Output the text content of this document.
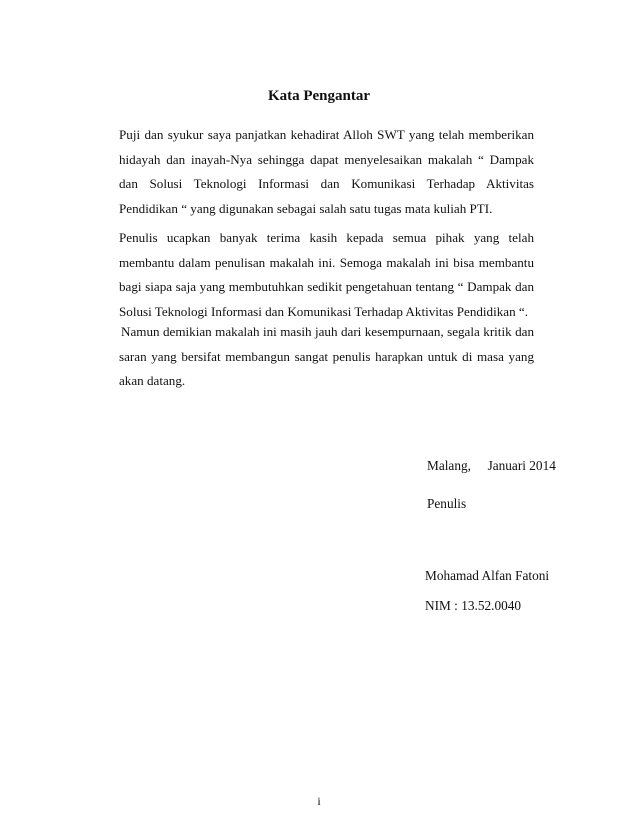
Kata Pengantar

Puji dan syukur saya panjatkan kehadirat Alloh SWT yang telah memberikan hidayah dan inayah-Nya sehingga dapat menyelesaikan makalah “ Dampak dan Solusi Teknologi Informasi dan Komunikasi Terhadap Aktivitas Pendidikan “ yang digunakan sebagai salah satu tugas mata kuliah PTI.

Penulis ucapkan banyak terima kasih kepada semua pihak yang telah membantu dalam penulisan makalah ini. Semoga makalah ini bisa membantu bagi siapa saja yang membutuhkan sedikit pengetahuan tentang “ Dampak dan Solusi Teknologi Informasi dan Komunikasi Terhadap Aktivitas Pendidikan “.

Namun demikian makalah ini masih jauh dari kesempurnaan, segala kritik dan saran yang bersifat membangun sangat penulis harapkan untuk di masa yang akan datang.

Malang,     Januari 2014
Penulis
Mohamad Alfan Fatoni
NIM : 13.52.0040
i
